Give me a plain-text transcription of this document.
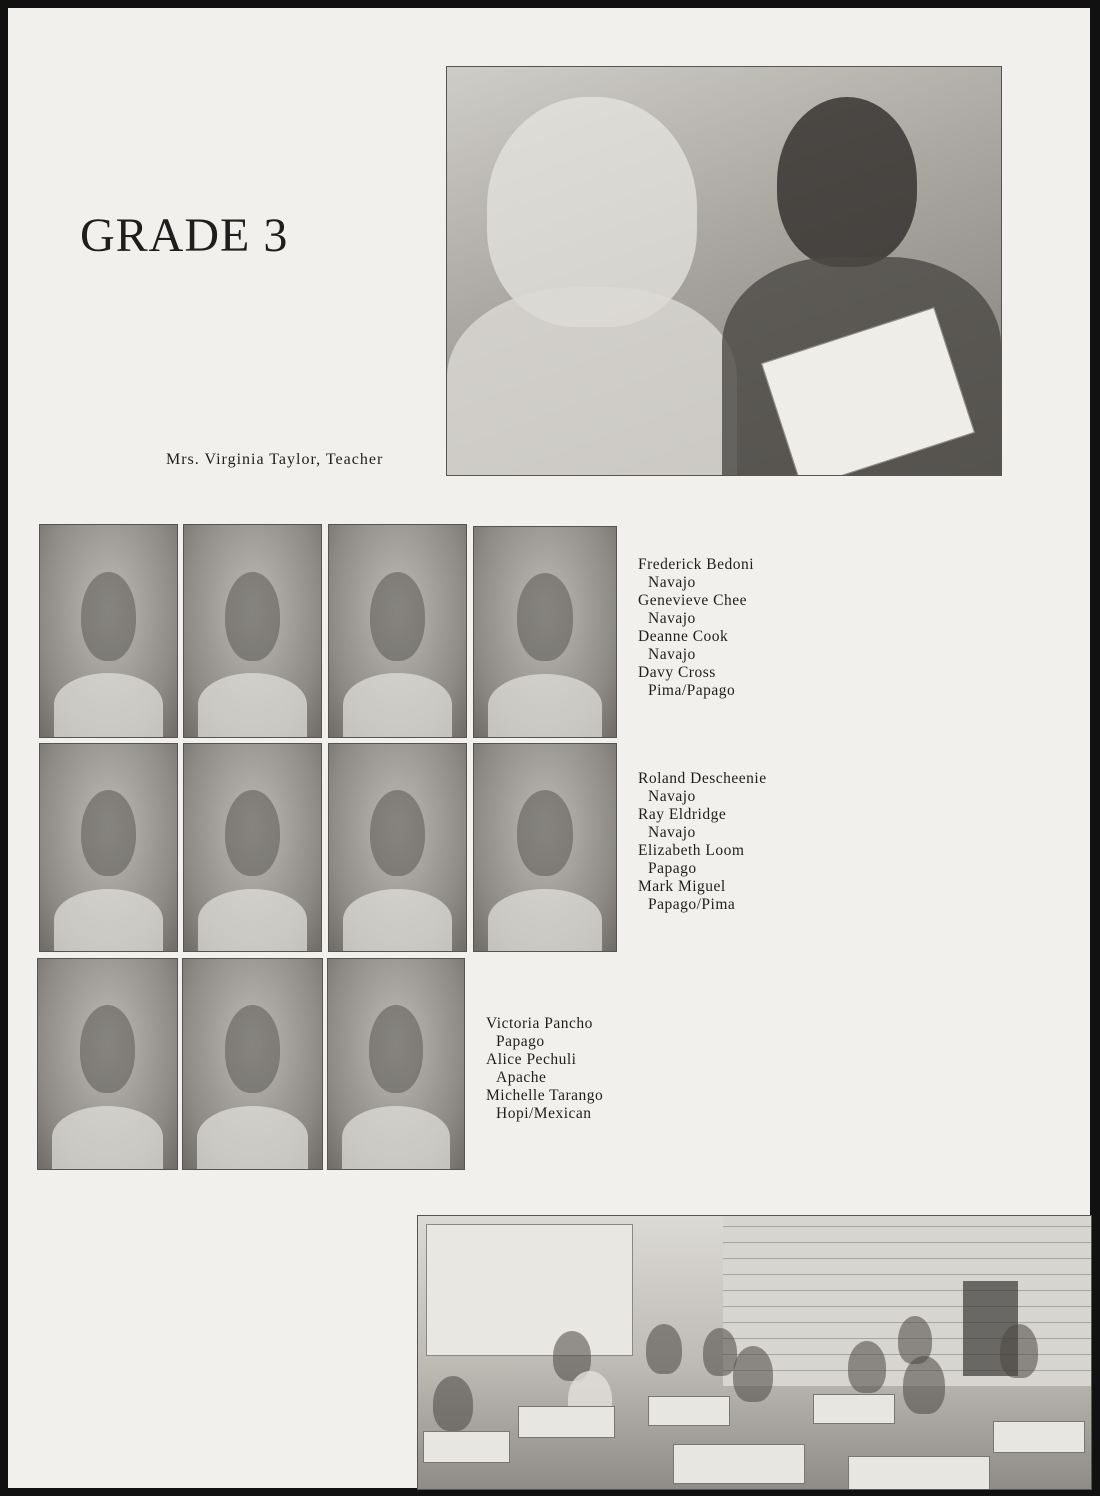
GRADE 3
Mrs. Virginia Taylor, Teacher
Frederick Bedoni
Navajo
Genevieve Chee
Navajo
Deanne Cook
Navajo
Davy Cross
Pima/Papago
Roland Descheenie
Navajo
Ray Eldridge
Navajo
Elizabeth Loom
Papago
Mark Miguel
Papago/Pima
Victoria Pancho
Papago
Alice Pechuli
Apache
Michelle Tarango
Hopi/Mexican
